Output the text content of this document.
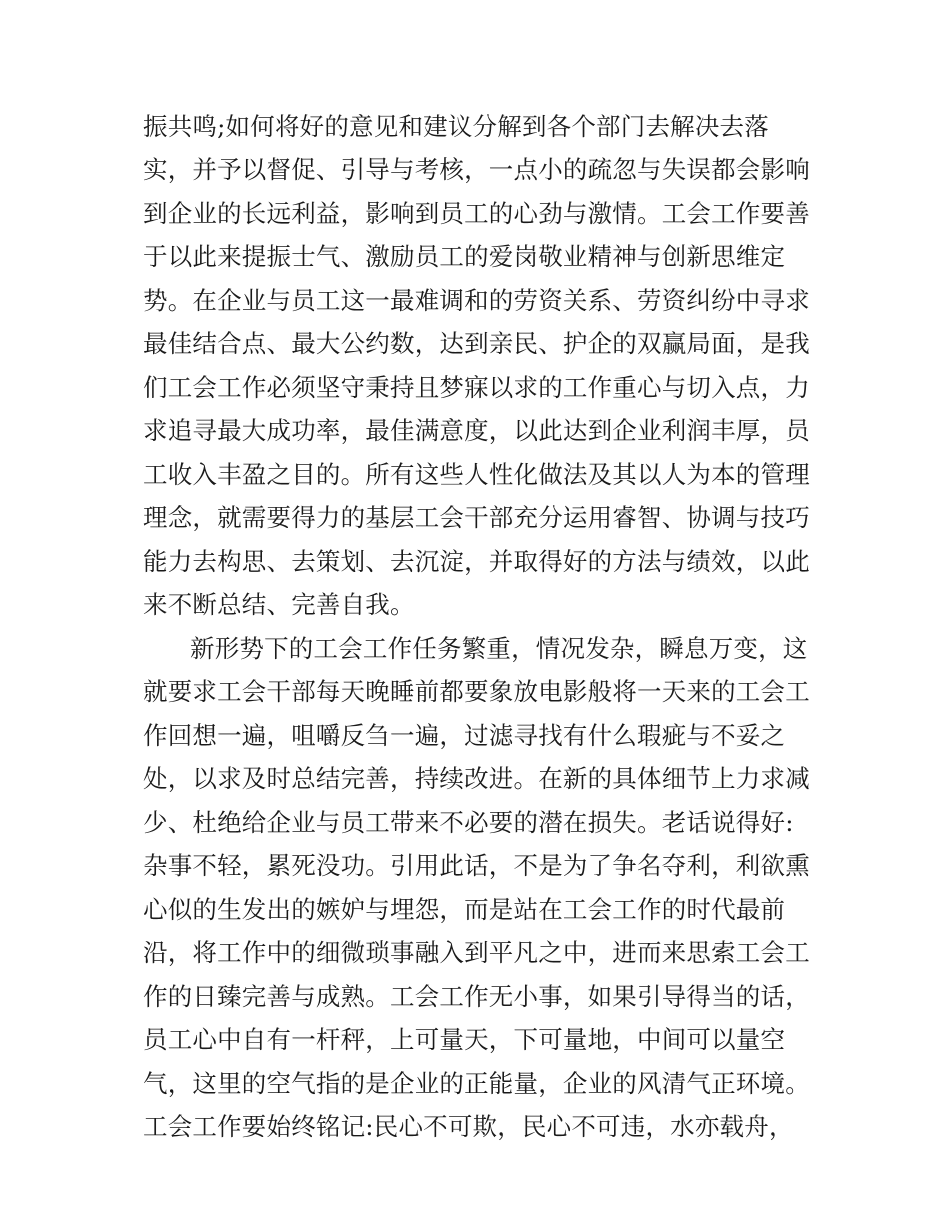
振共鸣;如何将好的意见和建议分解到各个部门去解决去落
实，并予以督促、引导与考核，一点小的疏忽与失误都会影响
到企业的长远利益，影响到员工的心劲与激情。工会工作要善
于以此来提振士气、激励员工的爱岗敬业精神与创新思维定
势。在企业与员工这一最难调和的劳资关系、劳资纠纷中寻求
最佳结合点、最大公约数，达到亲民、护企的双赢局面，是我
们工会工作必须坚守秉持且梦寐以求的工作重心与切入点，力
求追寻最大成功率，最佳满意度，以此达到企业利润丰厚，员
工收入丰盈之目的。所有这些人性化做法及其以人为本的管理
理念，就需要得力的基层工会干部充分运用睿智、协调与技巧
能力去构思、去策划、去沉淀，并取得好的方法与绩效，以此
来不断总结、完善自我。
新形势下的工会工作任务繁重，情况发杂，瞬息万变，这
就要求工会干部每天晚睡前都要象放电影般将一天来的工会工
作回想一遍，咀嚼反刍一遍，过滤寻找有什么瑕疵与不妥之
处，以求及时总结完善，持续改进。在新的具体细节上力求减
少、杜绝给企业与员工带来不必要的潜在损失。老话说得好:
杂事不轻，累死没功。引用此话，不是为了争名夺利，利欲熏
心似的生发出的嫉妒与埋怨，而是站在工会工作的时代最前
沿，将工作中的细微琐事融入到平凡之中，进而来思索工会工
作的日臻完善与成熟。工会工作无小事，如果引导得当的话，
员工心中自有一杆秤，上可量天，下可量地，中间可以量空
气，这里的空气指的是企业的正能量，企业的风清气正环境。
工会工作要始终铭记:民心不可欺，民心不可违，水亦载舟，
